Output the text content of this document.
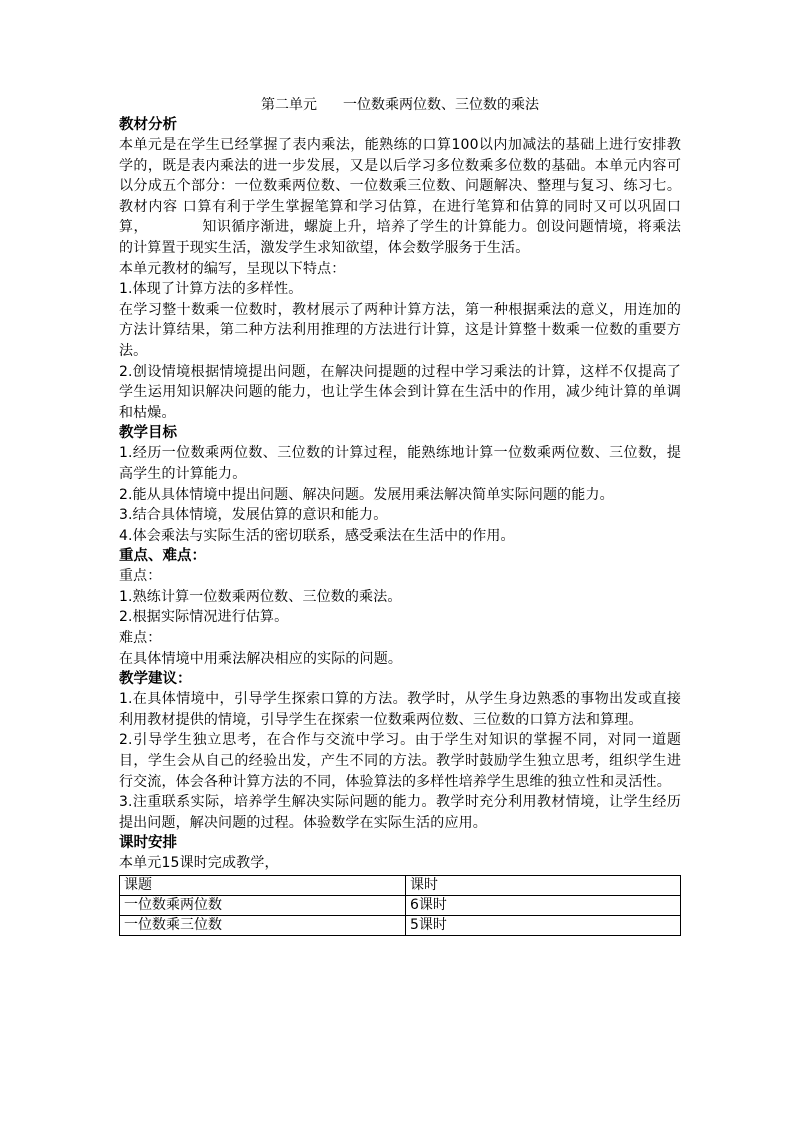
第二单元 一位数乘两位数、三位数的乘法

教材分析

本单元是在学生已经掌握了表内乘法，能熟练的口算100以内加减法的基础上进行安排教学的，既是表内乘法的进一步发展，又是以后学习多位数乘多位数的基础。本单元内容可以分成五个部分：一位数乘两位数、一位数乘三位数、问题解决、整理与复习、练习七。教材内容 口算有利于学生掌握笔算和学习估算，在进行笔算和估算的同时又可以巩固口算，	知识循序渐进，螺旋上升，培养了学生的计算能力。创设问题情境，将乘法的计算置于现实生活，激发学生求知欲望，体会数学服务于生活。

本单元教材的编写，呈现以下特点：

1.体现了计算方法的多样性。

在学习整十数乘一位数时，教材展示了两种计算方法，第一种根据乘法的意义，用连加的方法计算结果，第二种方法利用推理的方法进行计算，这是计算整十数乘一位数的重要方法。

2.创设情境根据情境提出问题，在解决问提题的过程中学习乘法的计算，这样不仅提高了学生运用知识解决问题的能力，也让学生体会到计算在生活中的作用，减少纯计算的单调和枯燥。

教学目标

1.经历一位数乘两位数、三位数的计算过程，能熟练地计算一位数乘两位数、三位数，提高学生的计算能力。

2.能从具体情境中提出问题、解决问题。发展用乘法解决简单实际问题的能力。

3.结合具体情境，发展估算的意识和能力。

4.体会乘法与实际生活的密切联系，感受乘法在生活中的作用。

重点、难点：

重点：

1.熟练计算一位数乘两位数、三位数的乘法。

2.根据实际情况进行估算。

难点：

在具体情境中用乘法解决相应的实际的问题。

教学建议：

1.在具体情境中，引导学生探索口算的方法。教学时，从学生身边熟悉的事物出发或直接利用教材提供的情境，引导学生在探索一位数乘两位数、三位数的口算方法和算理。

2.引导学生独立思考，在合作与交流中学习。由于学生对知识的掌握不同，对同一道题目，学生会从自己的经验出发，产生不同的方法。教学时鼓励学生独立思考，组织学生进行交流，体会各种计算方法的不同，体验算法的多样性培养学生思维的独立性和灵活性。

3.注重联系实际，培养学生解决实际问题的能力。教学时充分利用教材情境，让学生经历提出问题，解决问题的过程。体验数学在实际生活的应用。

课时安排

本单元15课时完成教学，

课题	课时
一位数乘两位数	6课时
一位数乘三位数	5课时
